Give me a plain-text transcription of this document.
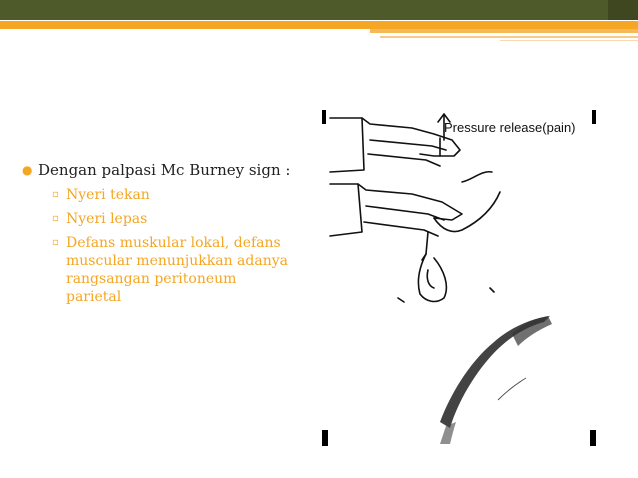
● Dengan palpasi Mc Burney sign :
▫ Nyeri tekan
▫ Nyeri lepas
▫ Defans muskular lokal, defans muscular menunjukkan adanya rangsangan peritoneum parietal
Pressure release(pain)
